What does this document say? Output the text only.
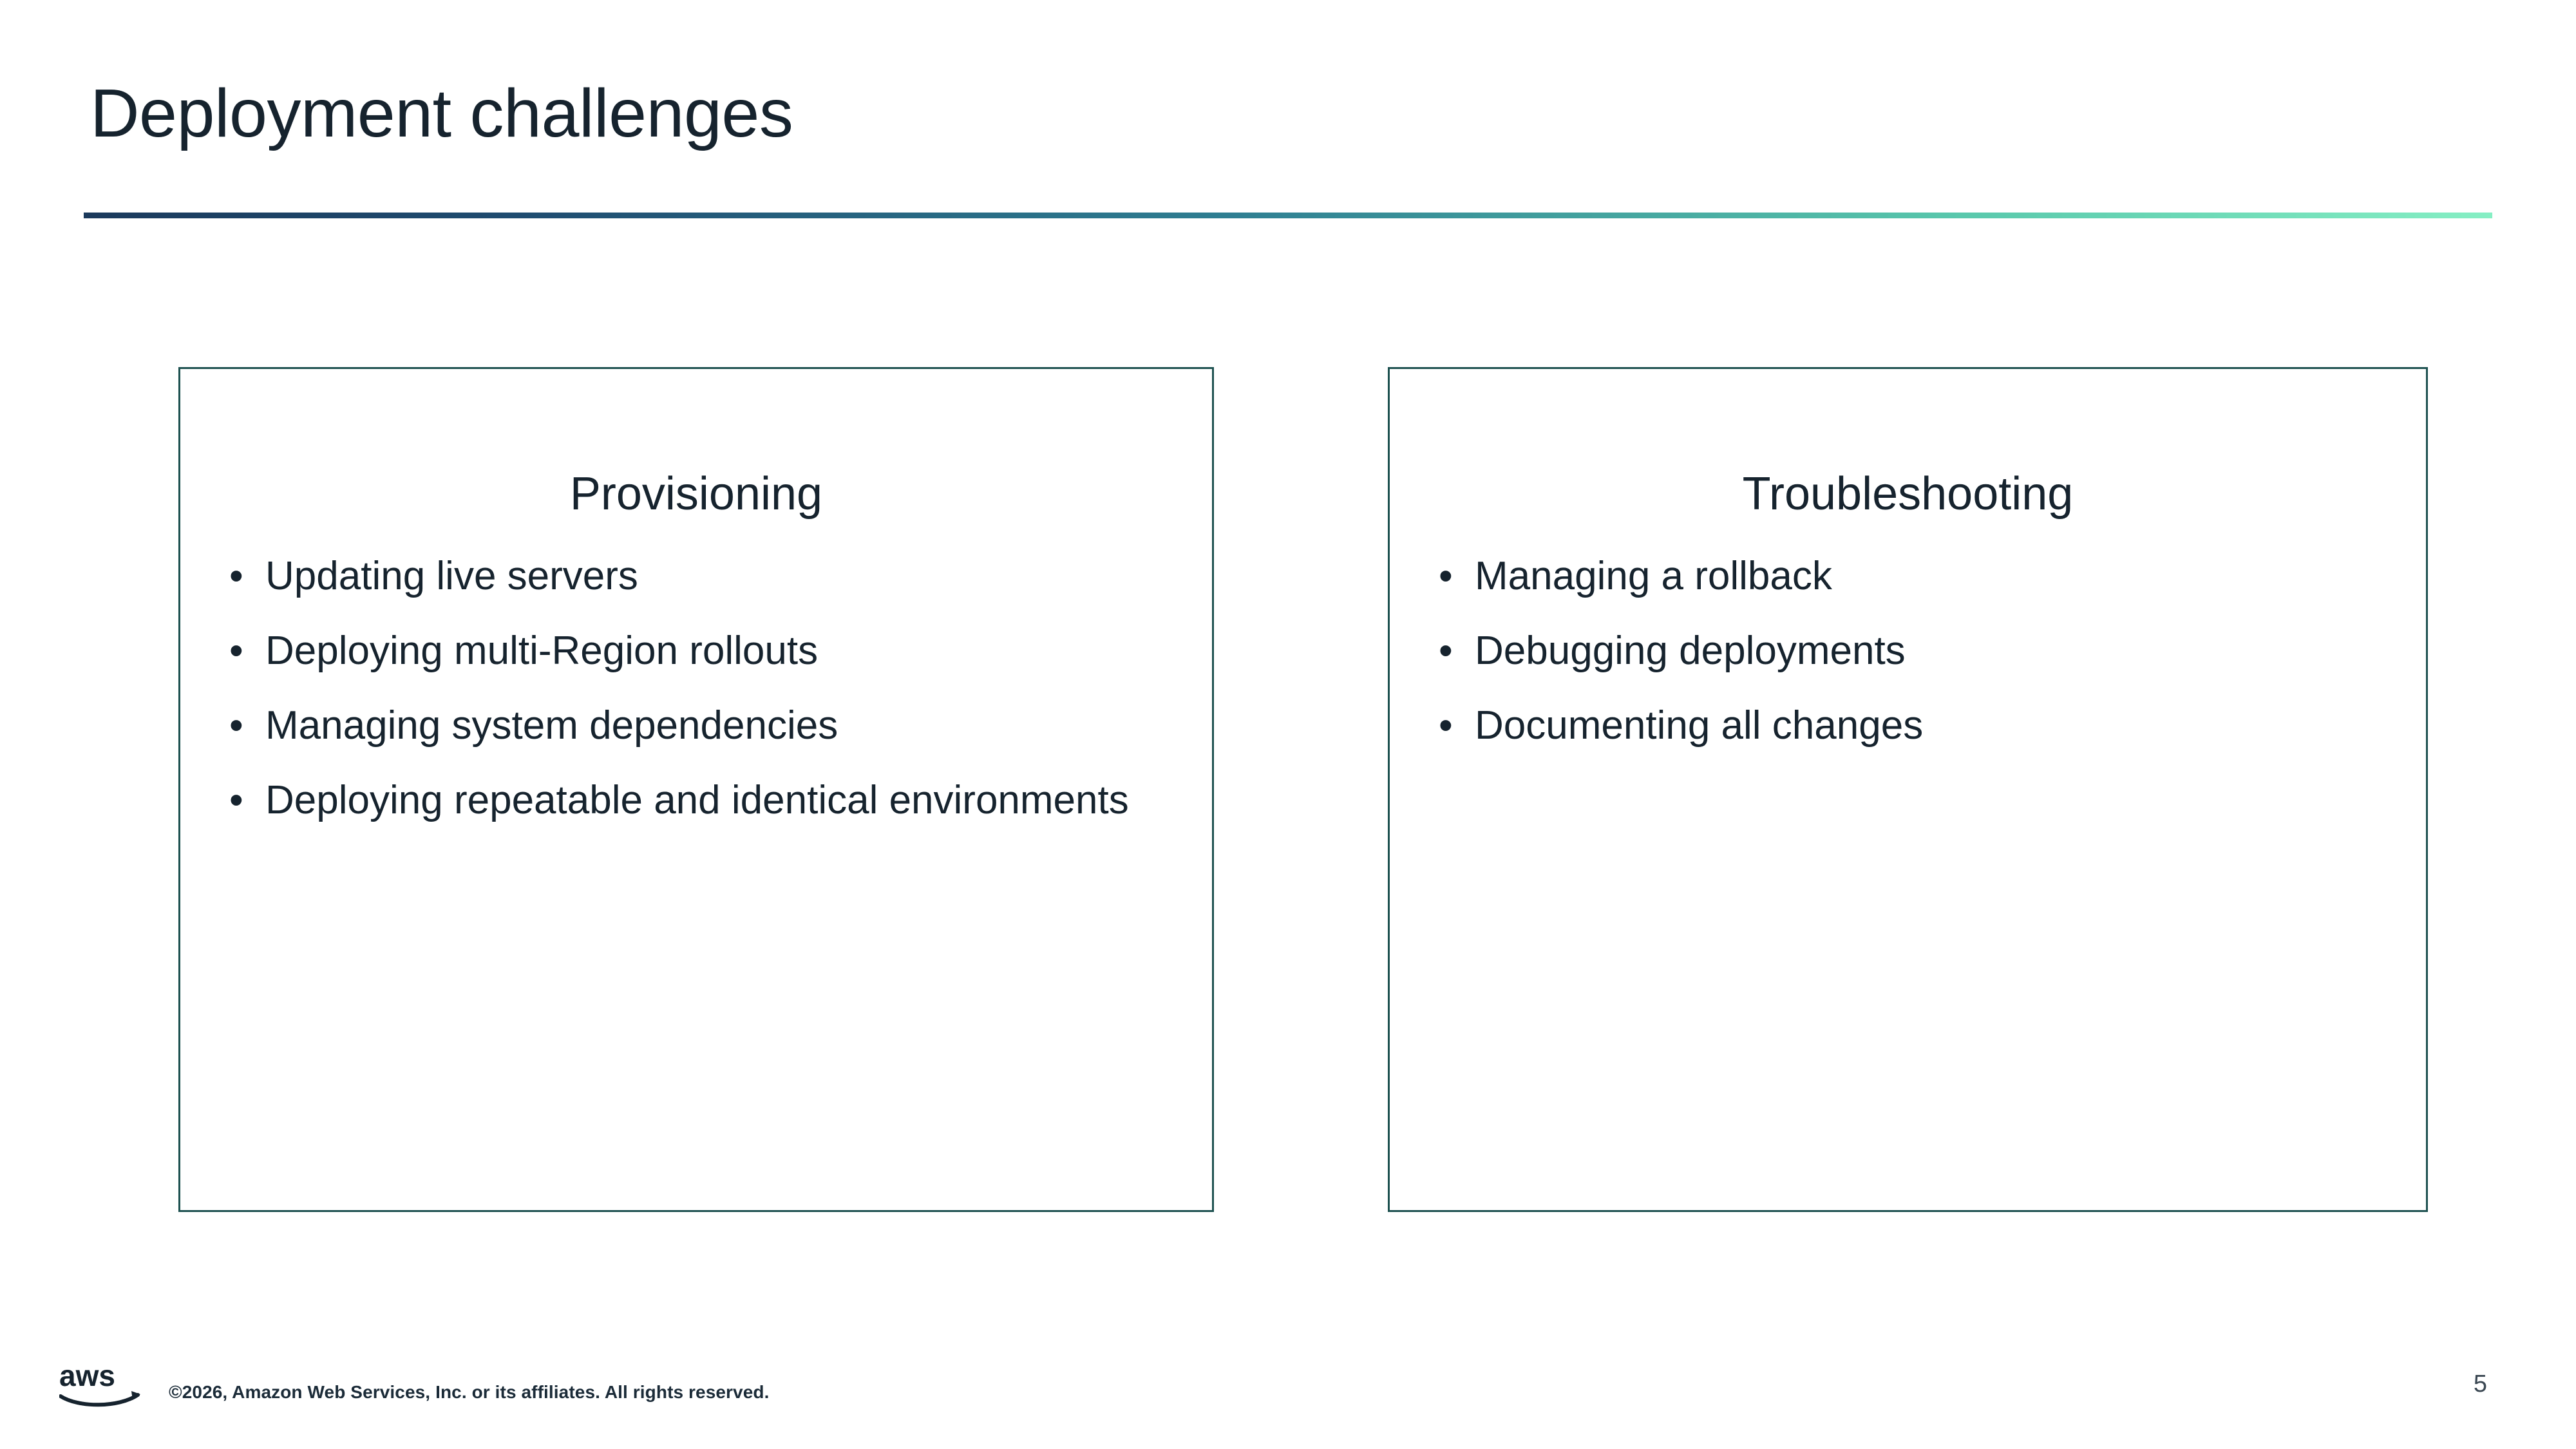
Deployment challenges
Provisioning
• Updating live servers
• Deploying multi-Region rollouts
• Managing system dependencies
• Deploying repeatable and identical environments
Troubleshooting
• Managing a rollback
• Debugging deployments
• Documenting all changes
aws	©2026, Amazon Web Services, Inc. or its affiliates. All rights reserved.	5
